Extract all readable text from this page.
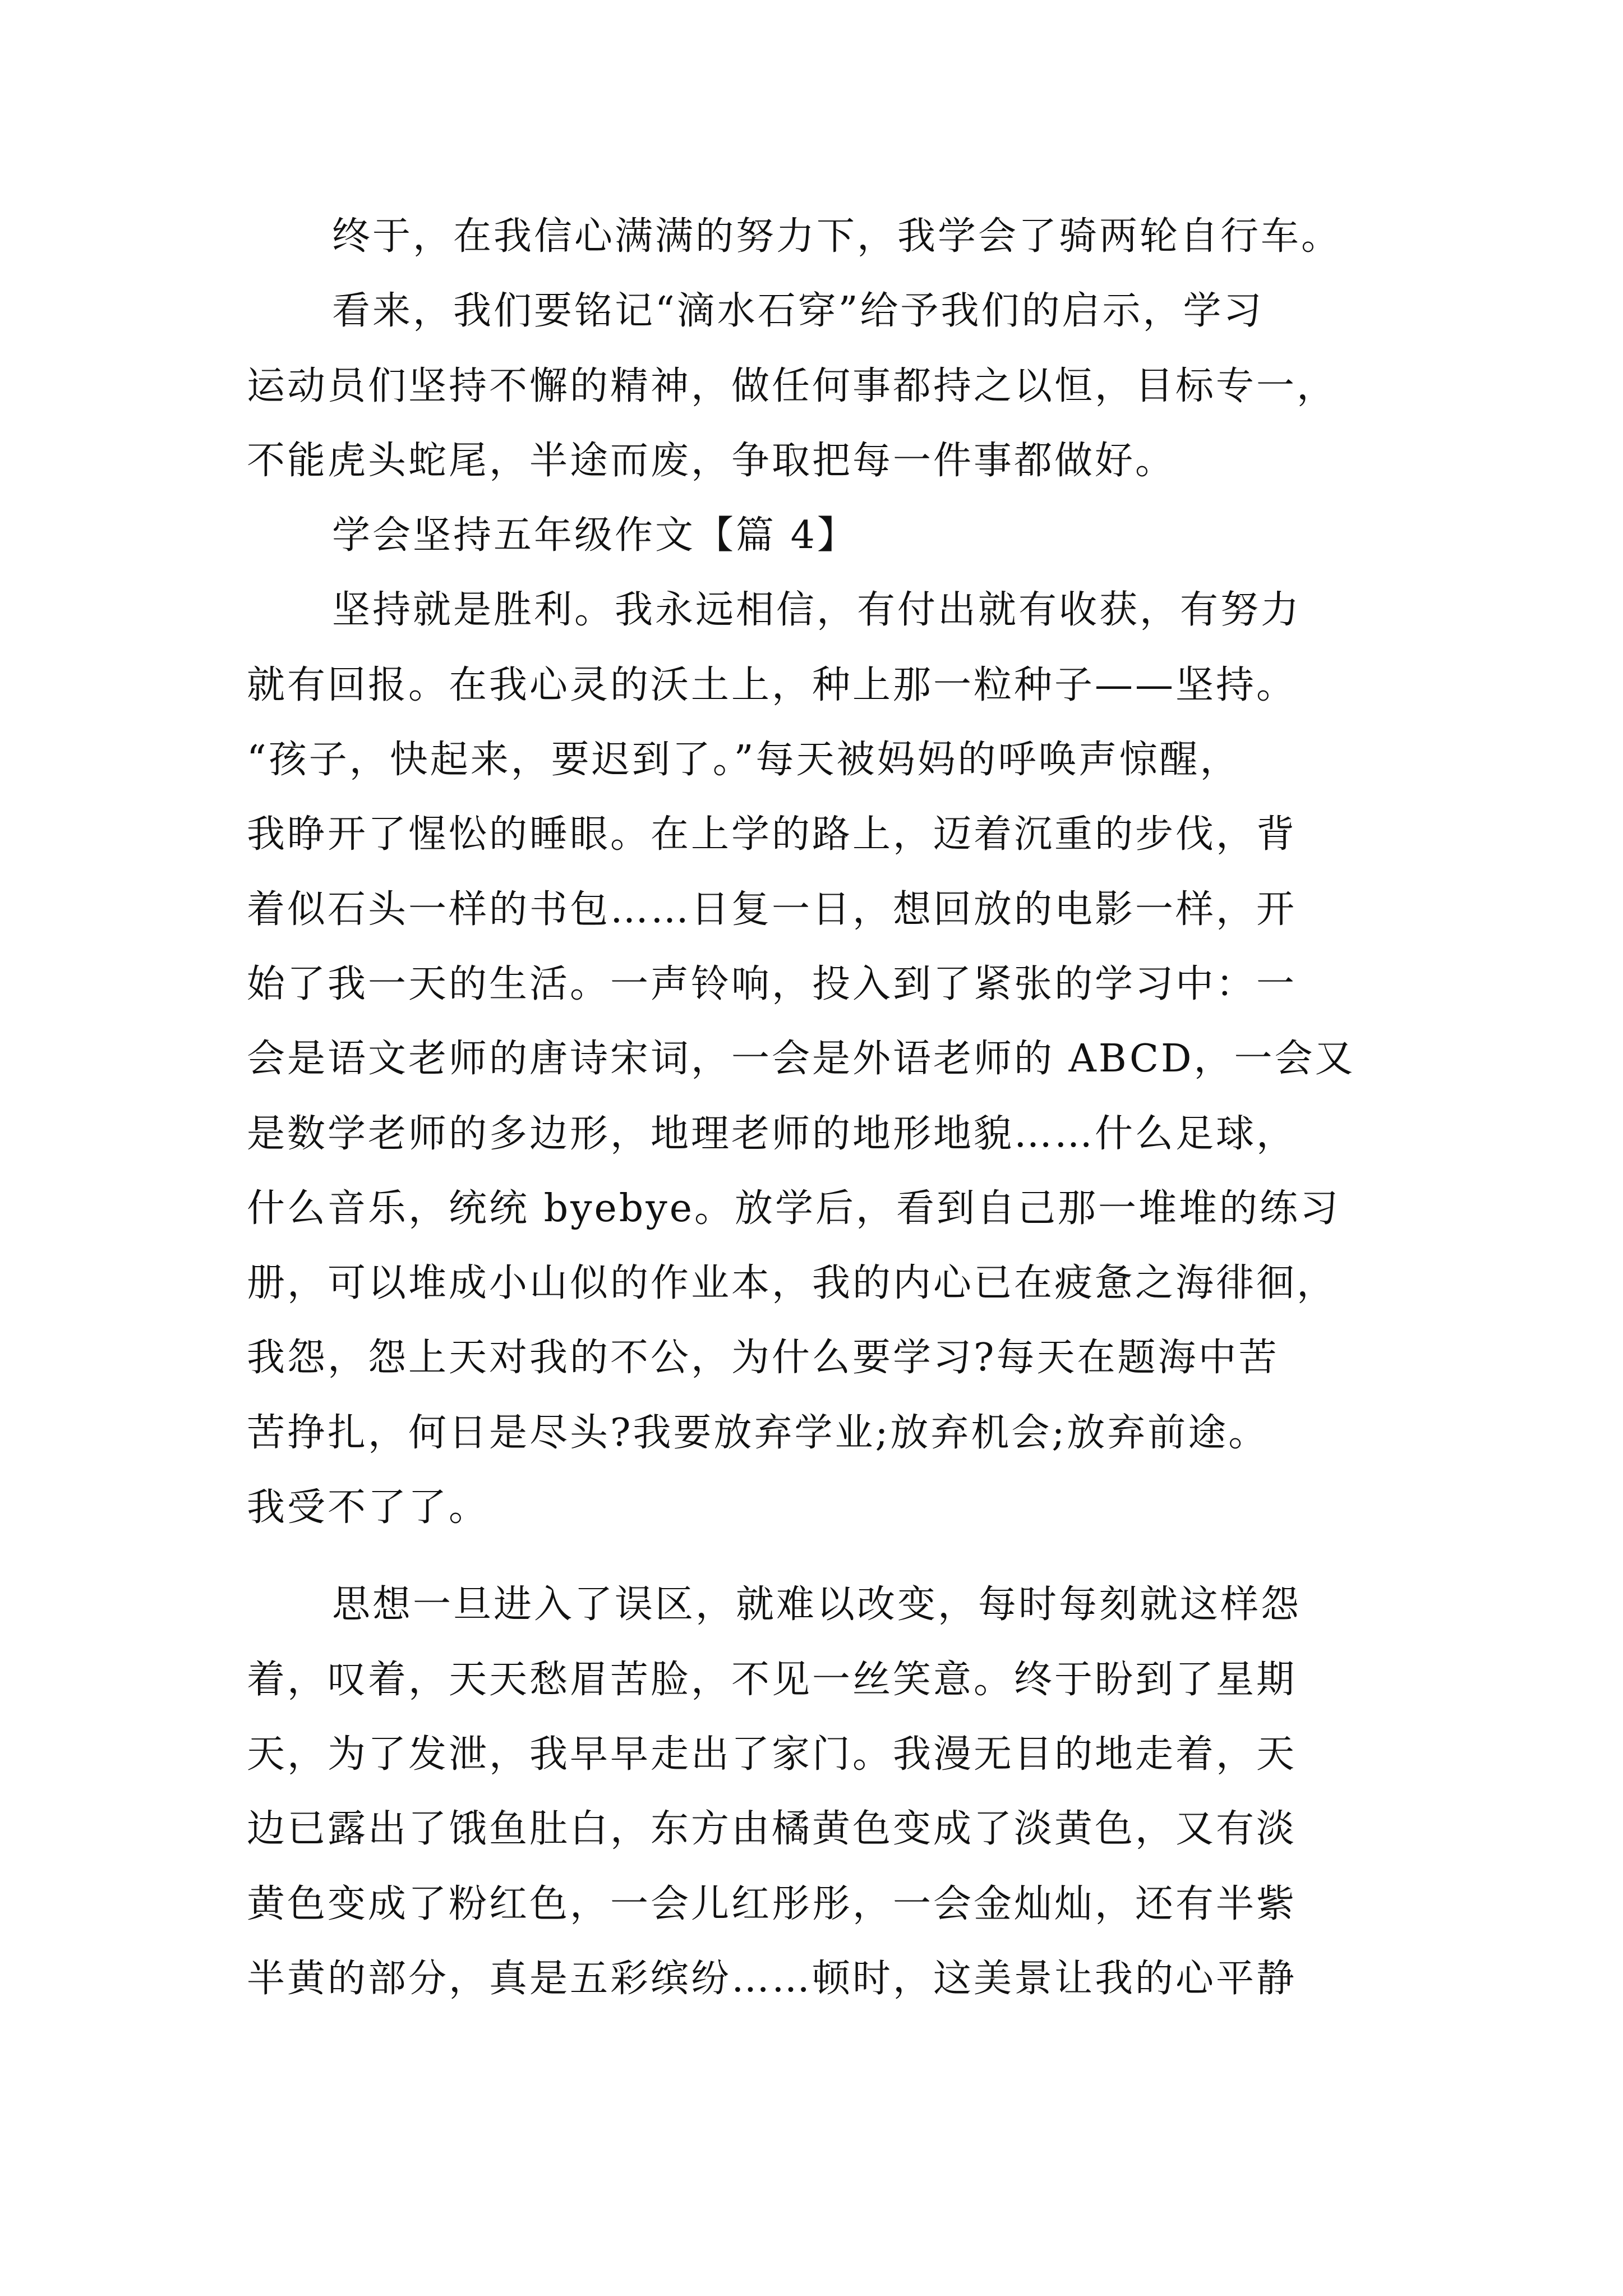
终于，在我信心满满的努力下，我学会了骑两轮自行车。
看来，我们要铭记“滴水石穿”给予我们的启示，学习
运动员们坚持不懈的精神，做任何事都持之以恒，目标专一，
不能虎头蛇尾，半途而废，争取把每一件事都做好。
学会坚持五年级作文【篇 4】
坚持就是胜利。我永远相信，有付出就有收获，有努力
就有回报。在我心灵的沃土上，种上那一粒种子——坚持。
“孩子，快起来，要迟到了。”每天被妈妈的呼唤声惊醒，
我睁开了惺忪的睡眼。在上学的路上，迈着沉重的步伐，背
着似石头一样的书包……日复一日，想回放的电影一样，开
始了我一天的生活。一声铃响，投入到了紧张的学习中：一
会是语文老师的唐诗宋词，一会是外语老师的 ABCD，一会又
是数学老师的多边形，地理老师的地形地貌……什么足球，
什么音乐，统统 byebye。放学后，看到自己那一堆堆的练习
册，可以堆成小山似的作业本，我的内心已在疲惫之海徘徊，
我怨，怨上天对我的不公，为什么要学习?每天在题海中苦
苦挣扎，何日是尽头?我要放弃学业;放弃机会;放弃前途。
我受不了了。
思想一旦进入了误区，就难以改变，每时每刻就这样怨
着，叹着，天天愁眉苦脸，不见一丝笑意。终于盼到了星期
天，为了发泄，我早早走出了家门。我漫无目的地走着，天
边已露出了饿鱼肚白，东方由橘黄色变成了淡黄色，又有淡
黄色变成了粉红色，一会儿红彤彤，一会金灿灿，还有半紫
半黄的部分，真是五彩缤纷……顿时，这美景让我的心平静
